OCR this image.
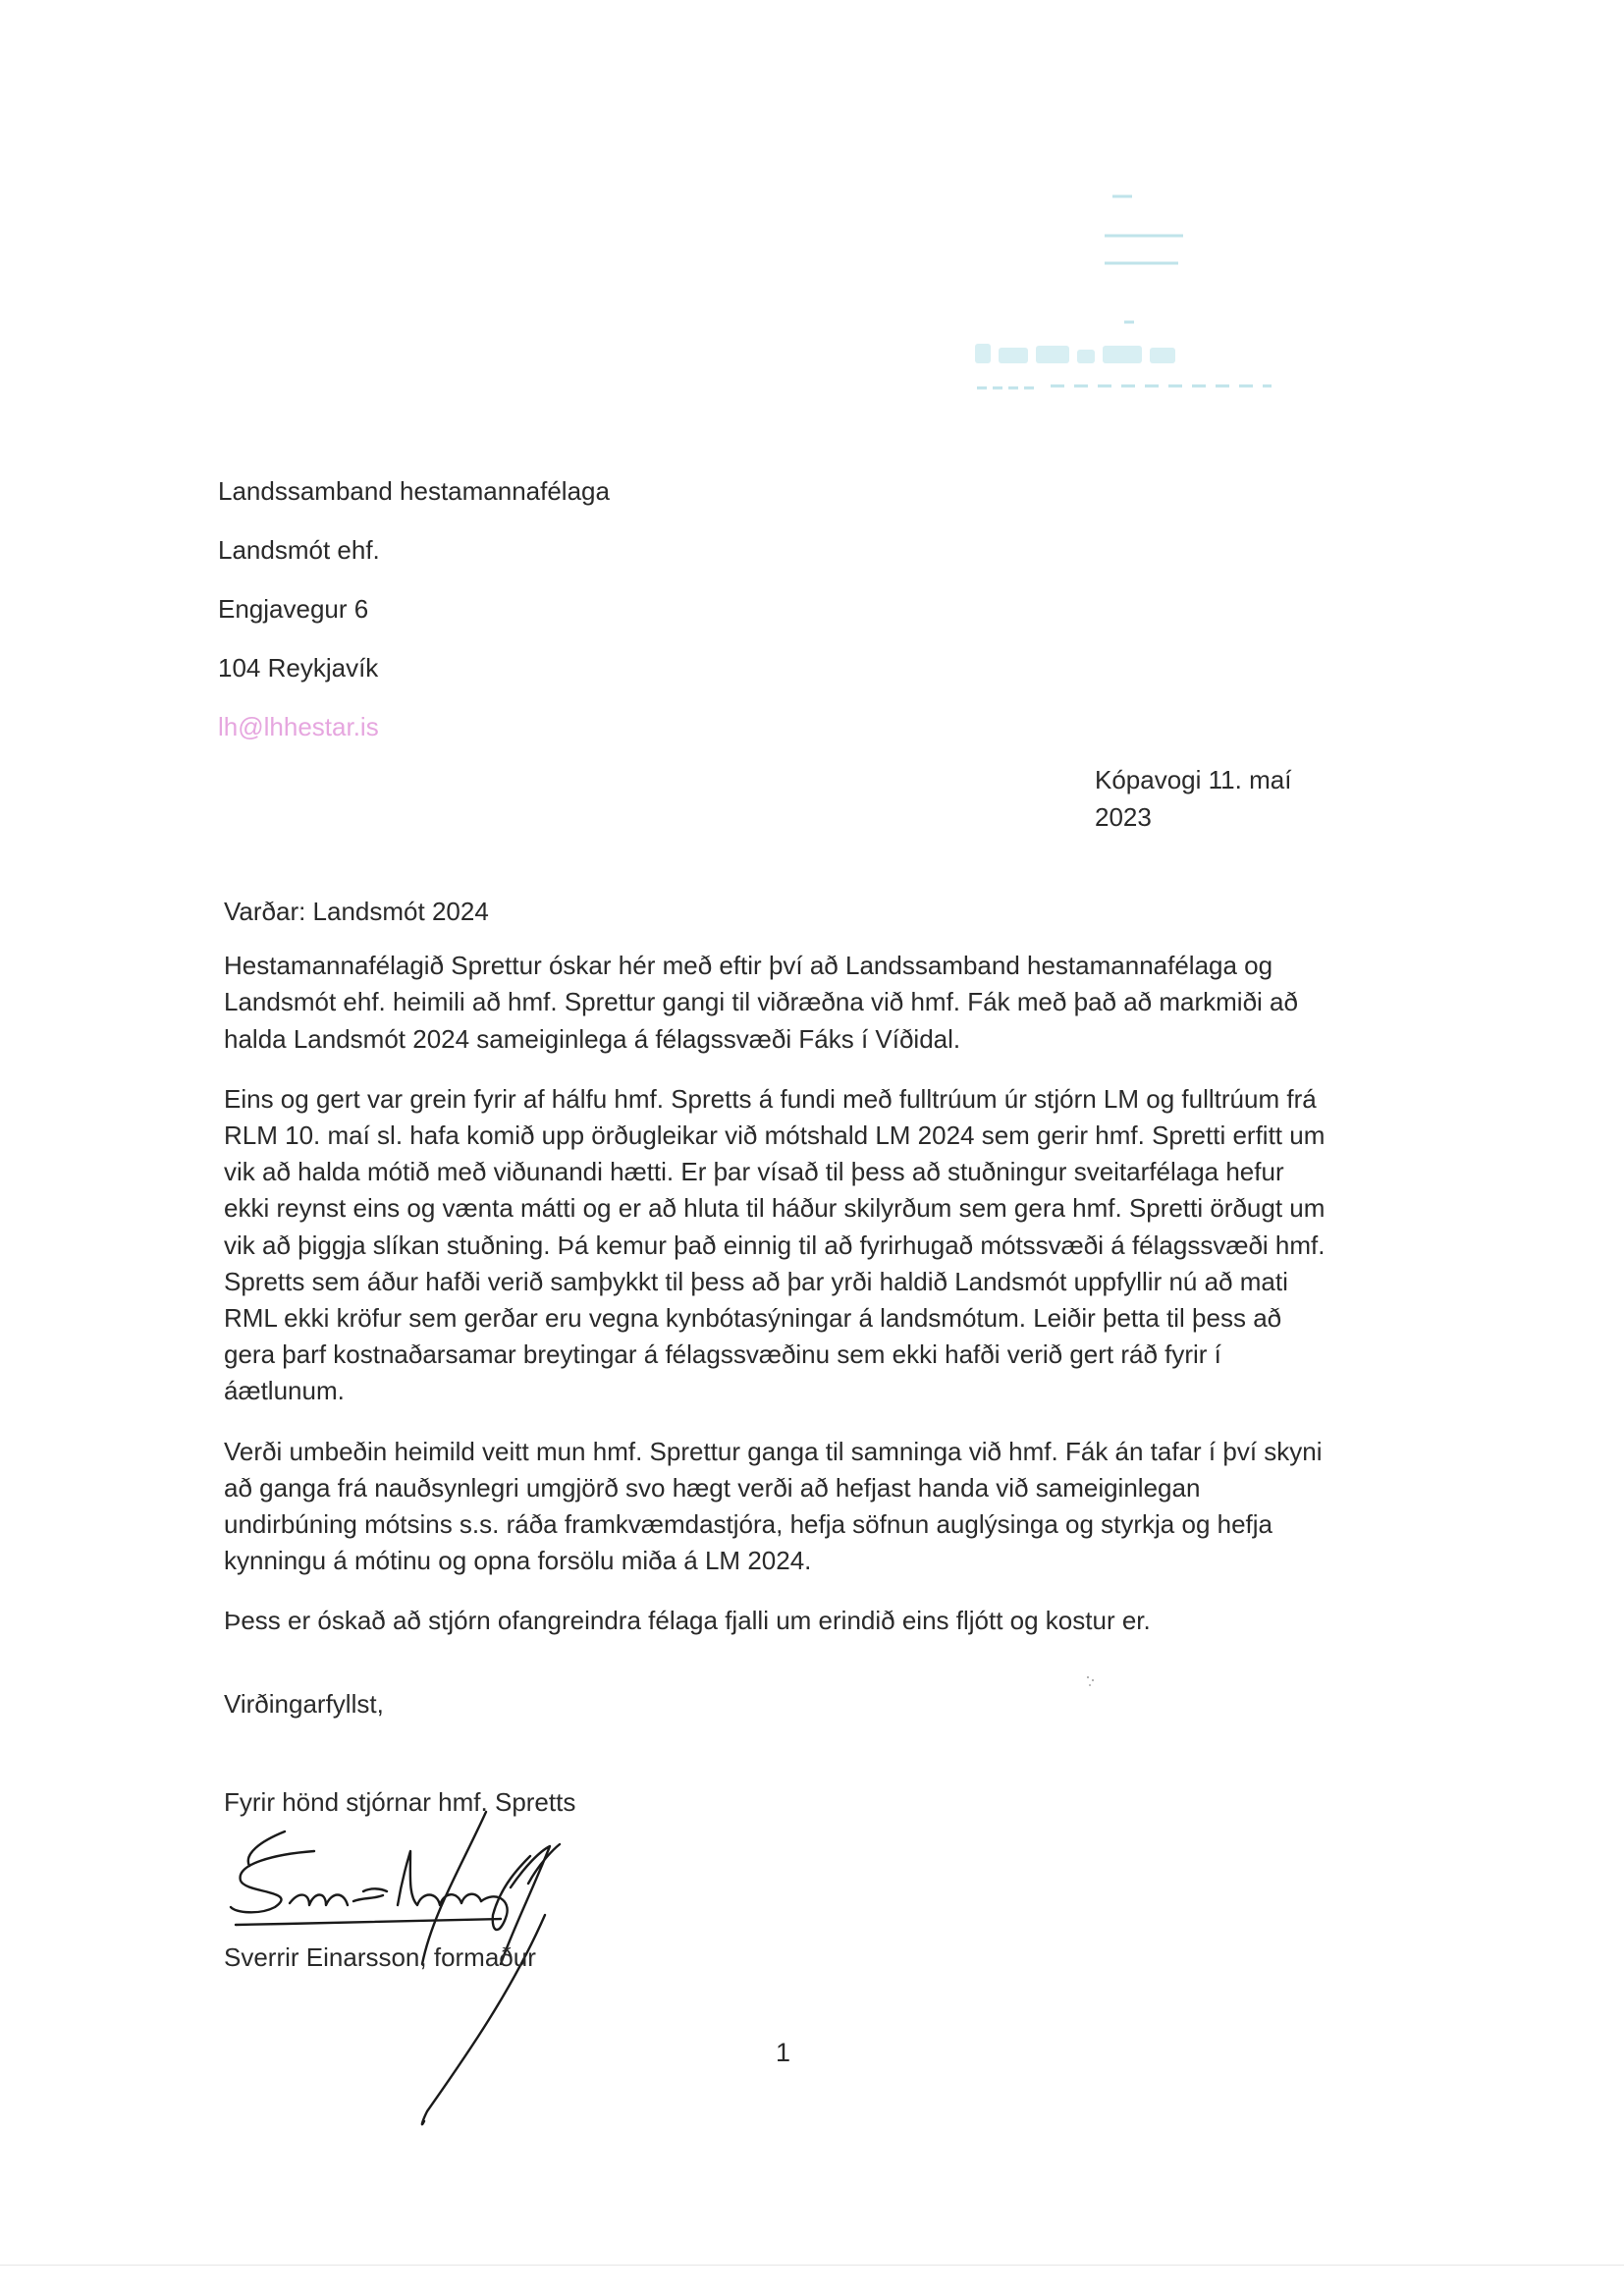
Landssamband hestamannafélaga
Landsmót ehf.
Engjavegur 6
104 Reykjavík
lh@lhhestar.is
Kópavogi 11. maí 2023

Varðar: Landsmót 2024

Hestamannafélagið Sprettur óskar hér með eftir því að Landssamband hestamannafélaga og Landsmót ehf. heimili að hmf. Sprettur gangi til viðræðna við hmf. Fák með það að markmiði að halda Landsmót 2024 sameiginlega á félagssvæði Fáks í Víðidal.

Eins og gert var grein fyrir af hálfu hmf. Spretts á fundi með fulltrúum úr stjórn LM og fulltrúum frá RLM 10. maí sl. hafa komið upp örðugleikar við mótshald LM 2024 sem gerir hmf. Spretti erfitt um vik að halda mótið með viðunandi hætti. Er þar vísað til þess að stuðningur sveitarfélaga hefur ekki reynst eins og vænta mátti og er að hluta til háður skilyrðum sem gera hmf. Spretti örðugt um vik að þiggja slíkan stuðning. Þá kemur það einnig til að fyrirhugað mótssvæði á félagssvæði hmf. Spretts sem áður hafði verið samþykkt til þess að þar yrði haldið Landsmót uppfyllir nú að mati RML ekki kröfur sem gerðar eru vegna kynbótasýningar á landsmótum. Leiðir þetta til þess að gera þarf kostnaðarsamar breytingar á félagssvæðinu sem ekki hafði verið gert ráð fyrir í áætlunum.

Verði umbeðin heimild veitt mun hmf. Sprettur ganga til samninga við hmf. Fák án tafar í því skyni að ganga frá nauðsynlegri umgjörð svo hægt verði að hefjast handa við sameiginlegan undirbúning mótsins s.s. ráða framkvæmdastjóra, hefja söfnun auglýsinga og styrkja og hefja kynningu á mótinu og opna forsölu miða á LM 2024.

Þess er óskað að stjórn ofangreindra félaga fjalli um erindið eins fljótt og kostur er.

Virðingarfyllst,
Fyrir hönd stjórnar hmf. Spretts
Sverrir Einarsson, formaður
1
